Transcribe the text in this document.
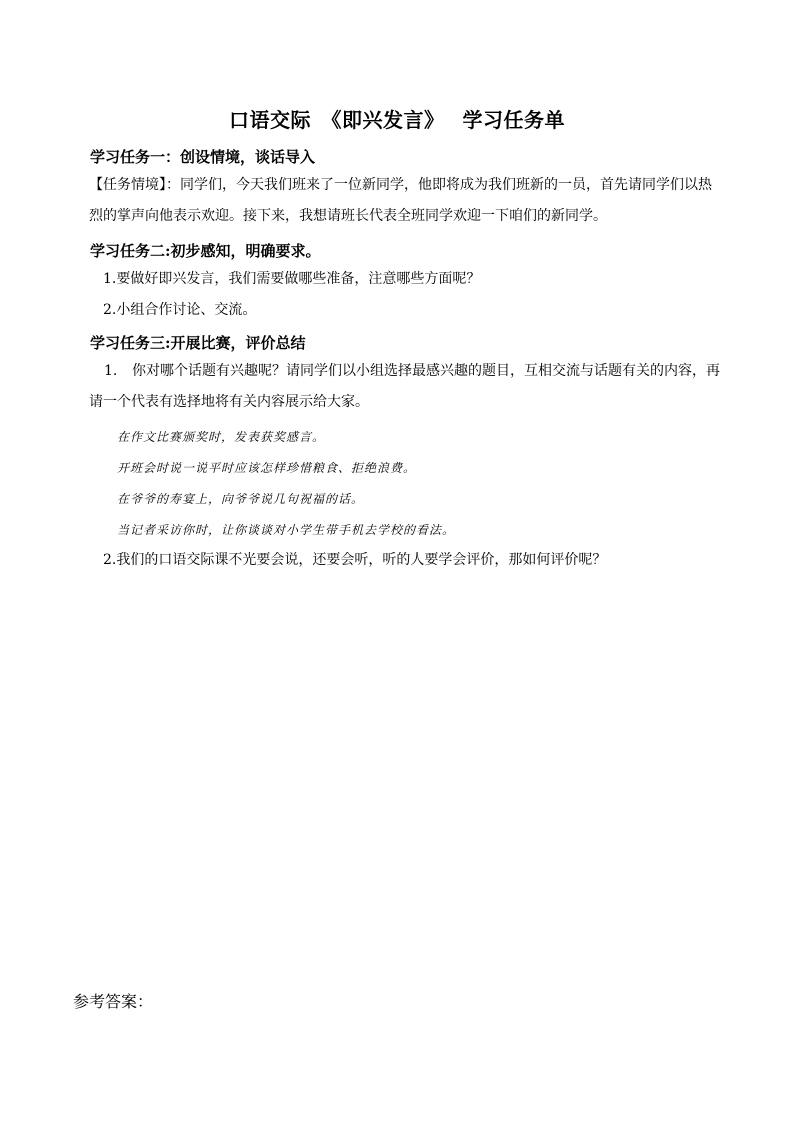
口语交际　《即兴发言》　 学习任务单
学习任务一：创设情境，谈话导入
【任务情境】：同学们，今天我们班来了一位新同学，他即将成为我们班新的一员，首先请同学们以热
烈的掌声向他表示欢迎。接下来，我想请班长代表全班同学欢迎一下咱们的新同学。
学习任务二:初步感知，明确要求。
1.要做好即兴发言，我们需要做哪些准备，注意哪些方面呢？
2.小组合作讨论、交流。
学习任务三:开展比赛，评价总结
1. 你对哪个话题有兴趣呢？请同学们以小组选择最感兴趣的题目，互相交流与话题有关的内容，再
请一个代表有选择地将有关内容展示给大家。
在作文比赛颁奖时，发表获奖感言。
开班会时说一说平时应该怎样珍惜粮食、拒绝浪费。
在爷爷的寿宴上，向爷爷说几句祝福的话。
当记者采访你时，让你谈谈对小学生带手机去学校的看法。
2.我们的口语交际课不光要会说，还要会听，听的人要学会评价，那如何评价呢？
参考答案：
